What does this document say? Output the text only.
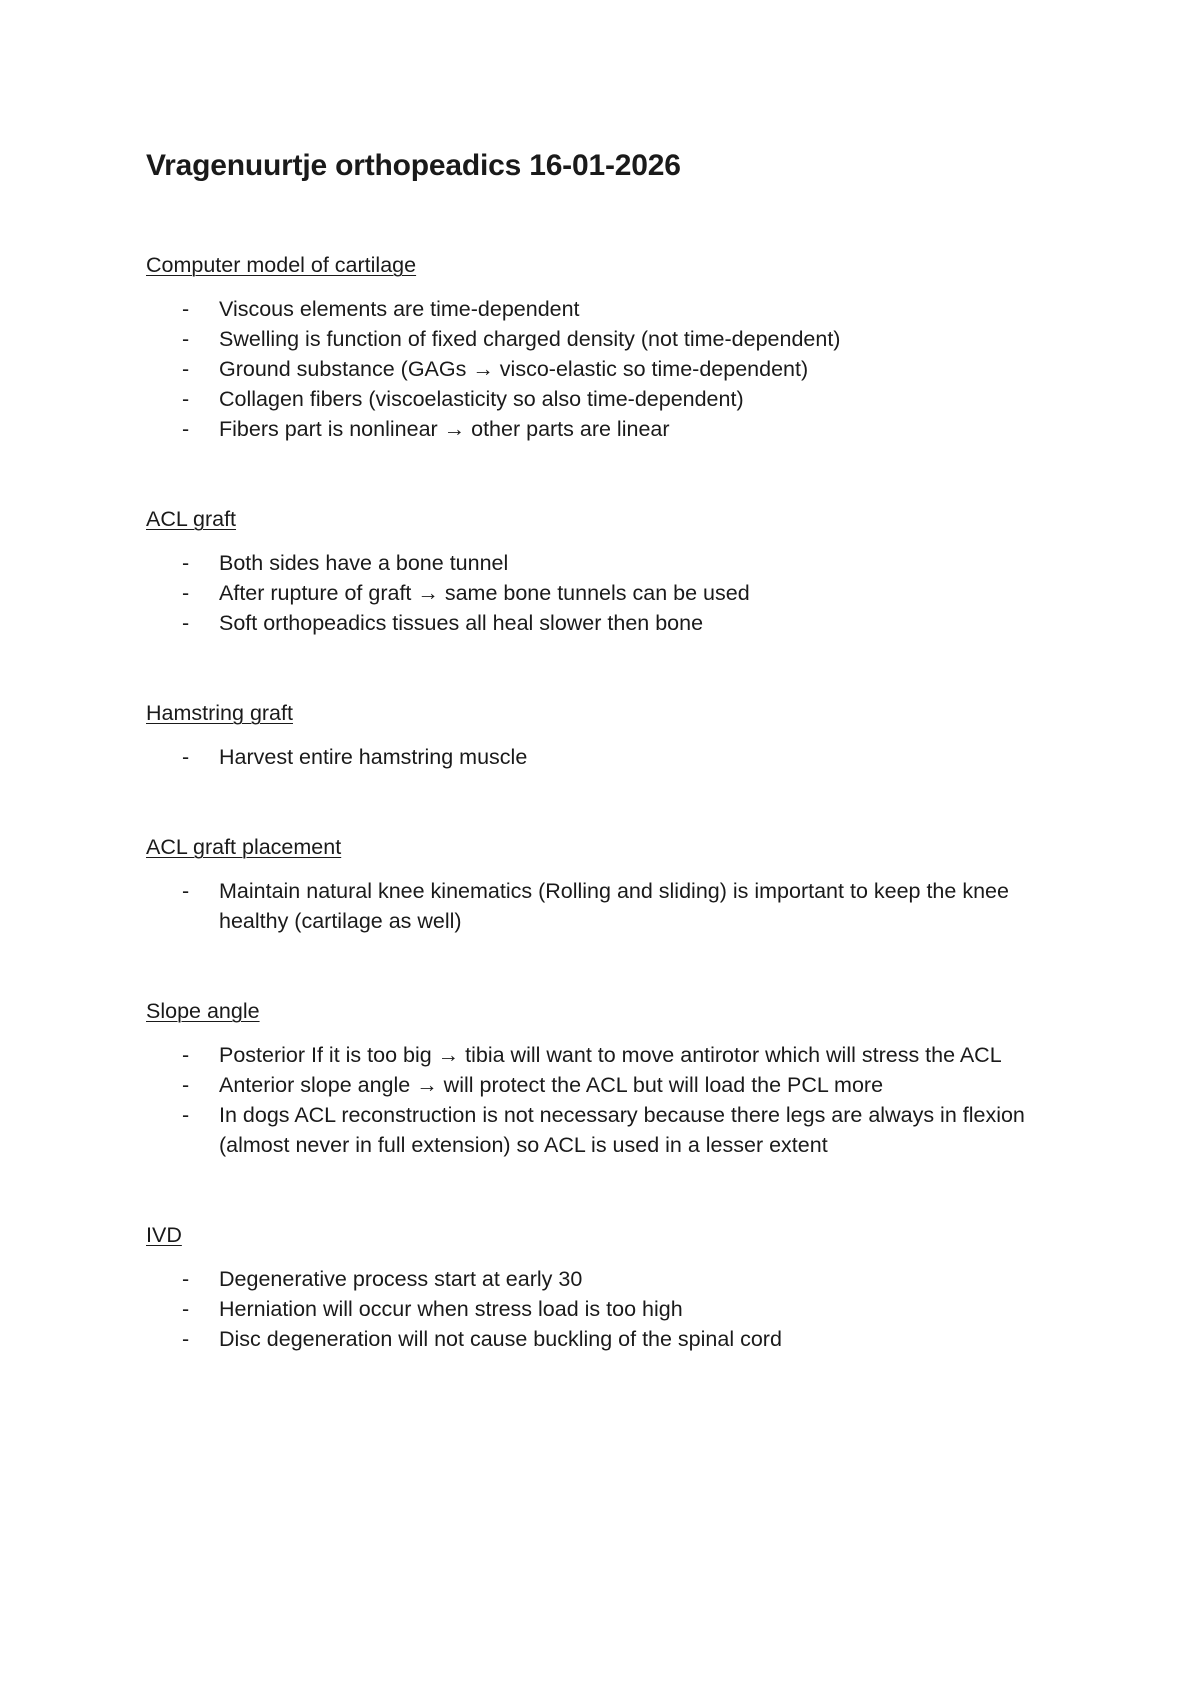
Vragenuurtje orthopeadics 16-01-2026
Computer model of cartilage
- Viscous elements are time-dependent
- Swelling is function of fixed charged density (not time-dependent)
- Ground substance (GAGs → visco-elastic so time-dependent)
- Collagen fibers (viscoelasticity so also time-dependent)
- Fibers part is nonlinear → other parts are linear
ACL graft
- Both sides have a bone tunnel
- After rupture of graft → same bone tunnels can be used
- Soft orthopeadics tissues all heal slower then bone
Hamstring graft
- Harvest entire hamstring muscle
ACL graft placement
- Maintain natural knee kinematics (Rolling and sliding) is important to keep the knee healthy (cartilage as well)
Slope angle
- Posterior If it is too big → tibia will want to move antirotor which will stress the ACL
- Anterior slope angle → will protect the ACL but will load the PCL more
- In dogs ACL reconstruction is not necessary because there legs are always in flexion (almost never in full extension) so ACL is used in a lesser extent
IVD
- Degenerative process start at early 30
- Herniation will occur when stress load is too high
- Disc degeneration will not cause buckling of the spinal cord
